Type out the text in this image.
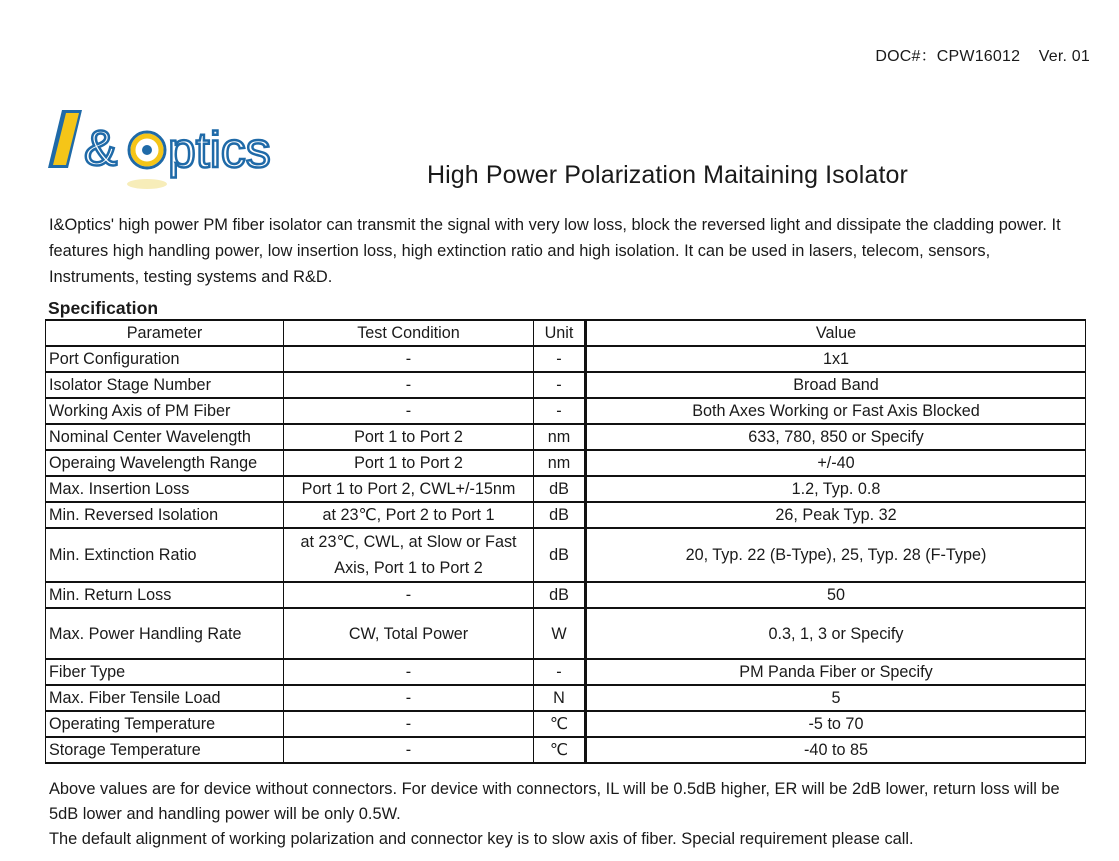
DOC#：CPW16012    Ver. 01
& ptics	High Power Polarization Maitaining Isolator
I&Optics' high power PM fiber isolator can transmit the signal with very low loss, block the reversed light and dissipate the cladding power. It features high handling power, low insertion loss, high extinction ratio and high isolation. It can be used in lasers, telecom, sensors, Instruments, testing systems and R&D.
Specification
Parameter	Test Condition	Unit	Value
Port Configuration	-	-	1x1
Isolator Stage Number	-	-	Broad Band
Working Axis of PM Fiber	-	-	Both Axes Working or Fast Axis Blocked
Nominal Center Wavelength	Port 1 to Port 2	nm	633, 780, 850 or Specify
Operaing Wavelength Range	Port 1 to Port 2	nm	+/-40
Max. Insertion Loss	Port 1 to Port 2, CWL+/-15nm	dB	1.2, Typ. 0.8
Min. Reversed Isolation	at 23℃, Port 2 to Port 1	dB	26, Peak Typ. 32
Min. Extinction Ratio	at 23℃, CWL, at Slow or Fast Axis, Port 1 to Port 2	dB	20, Typ. 22 (B-Type), 25, Typ. 28 (F-Type)
Min. Return Loss	-	dB	50
Max. Power Handling Rate	CW, Total Power	W	0.3, 1, 3 or Specify
Fiber Type	-	-	PM Panda Fiber or Specify
Max. Fiber Tensile Load	-	N	5
Operating Temperature	-	℃	-5 to 70
Storage Temperature	-	℃	-40 to 85

Above values are for device without connectors. For device with connectors, IL will be 0.5dB higher, ER will be 2dB lower, return loss will be 5dB lower and handling power will be only 0.5W.

The default alignment of working polarization and connector key is to slow axis of fiber. Special requirement please call.
